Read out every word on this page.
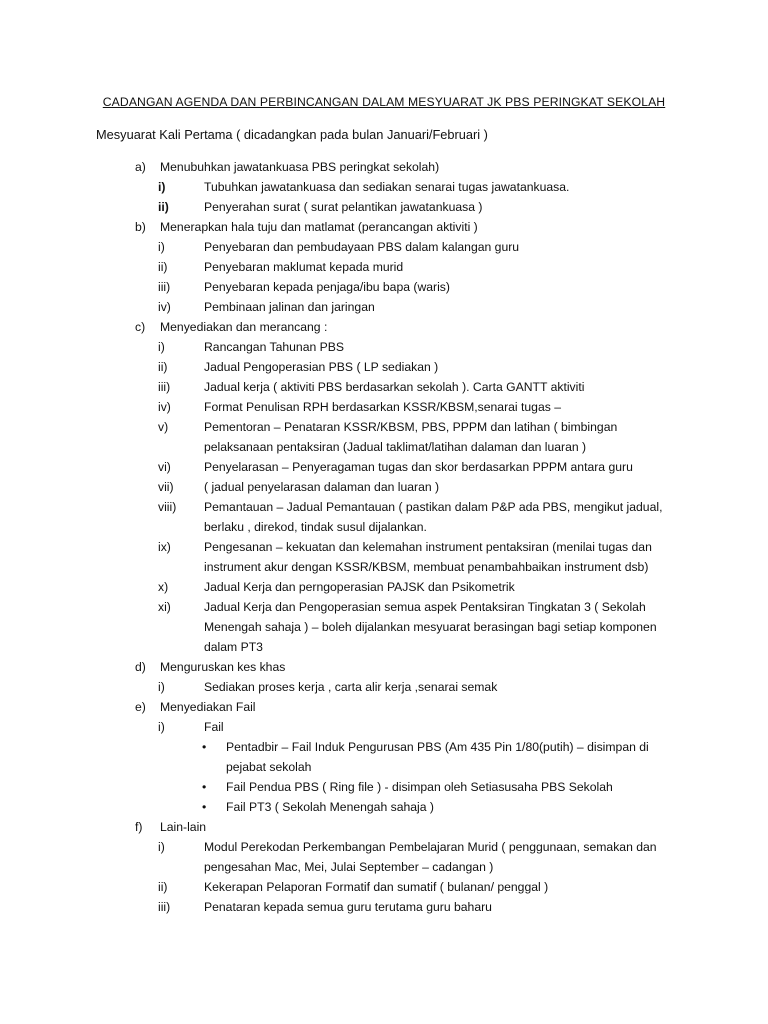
CADANGAN AGENDA DAN PERBINCANGAN DALAM MESYUARAT JK PBS PERINGKAT SEKOLAH
Mesyuarat Kali Pertama ( dicadangkan pada bulan Januari/Februari )
a) Menubuhkan jawatankuasa PBS peringkat sekolah)
i)	Tubuhkan jawatankuasa dan sediakan senarai tugas jawatankuasa.
ii)	Penyerahan surat ( surat pelantikan jawatankuasa )
b) Menerapkan hala tuju dan matlamat (perancangan aktiviti )
i)	Penyebaran dan pembudayaan PBS dalam kalangan guru
ii)	Penyebaran maklumat kepada murid
iii)	Penyebaran kepada penjaga/ibu bapa (waris)
iv)	Pembinaan jalinan dan jaringan
c) Menyediakan dan merancang :
i)	Rancangan Tahunan PBS
ii)	Jadual Pengoperasian PBS ( LP sediakan )
iii)	Jadual kerja ( aktiviti PBS berdasarkan sekolah ). Carta GANTT aktiviti
iv)	Format Penulisan RPH berdasarkan KSSR/KBSM,senarai tugas –
v)	Pementoran – Penataran KSSR/KBSM, PBS, PPPM dan latihan ( bimbingan
pelaksanaan pentaksiran (Jadual taklimat/latihan dalaman dan luaran )
vi)	Penyelarasan – Penyeragaman tugas dan skor berdasarkan PPPM antara guru
vii) ( jadual penyelarasan dalaman dan luaran )
viii) Pemantauan – Jadual Pemantauan ( pastikan dalam P&P ada PBS, mengikut jadual,
berlaku , direkod, tindak susul dijalankan.
ix)	Pengesanan – kekuatan dan kelemahan instrument pentaksiran (menilai tugas dan
instrument akur dengan KSSR/KBSM, membuat penambahbaikan instrument dsb)
x)	Jadual Kerja dan perngoperasian PAJSK dan Psikometrik
xi)	Jadual Kerja dan Pengoperasian semua aspek Pentaksiran Tingkatan 3 ( Sekolah
Menengah sahaja ) – boleh dijalankan mesyuarat berasingan bagi setiap komponen
dalam PT3
d) Menguruskan kes khas
i)	Sediakan proses kerja , carta alir kerja ,senarai semak
e) Menyediakan Fail
i)	Fail
• Pentadbir – Fail Induk Pengurusan PBS (Am 435 Pin 1/80(putih) – disimpan di
pejabat sekolah
• Fail Pendua PBS ( Ring file ) - disimpan oleh Setiasusaha PBS Sekolah
• Fail PT3 ( Sekolah Menengah sahaja )
f) Lain-lain
i)	Modul Perekodan Perkembangan Pembelajaran Murid ( penggunaan, semakan dan
pengesahan Mac, Mei, Julai September – cadangan )
ii)	Kekerapan Pelaporan Formatif dan sumatif ( bulanan/ penggal )
iii)	Penataran kepada semua guru terutama guru baharu
